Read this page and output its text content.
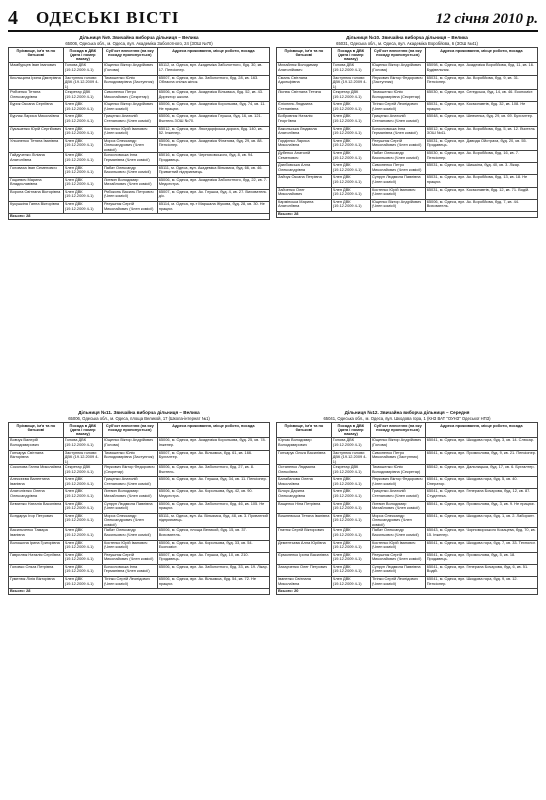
4 ОДЕСЬКІ ВІСТІ	12 січня 2010 р.
Дільниця №9. Звичайна виборча дільниця – Велика
65006, Одеська обл., м. Одеса, вул. Академіка Заболотного, 24 (ЗОШ №70)
Прізвище, ім'я та по батькові	Посада в ДВК (дата і номер наказу)	Суб'єкт внесення (на яку посаду пропонується)	Адреса проживання, місце роботи, посада
Мамбурцев Іван Іванович	Голова ДВК (19.12.2009 4-1)	Ющенко Віктор Андрійович (Голова)	65112, м. Одеса, вул. Академіка Заболотного, буд. 30, кв. 17. Пенсіонер.
Кислыцина Ірина Дмитрівна	Заступник голови ДВК (19.12.2009 4-1)	Тимошенко Юлія Володимирівна (Заступник)	65007, м. Одеса, вул. Ак. Заболотного, буд. 28, кв. 163. Обласна спілка жінок.
Рябченко Тетяна Олександрівна	Секретар ДВК (19.12.2009 4-1)	Симоненко Петро Миколайович (Секретар)	65006, м. Одеса, вул. Академіка Вільямса, буд. 52, кв. 43. Директор школи.
Бурик Оксана Сергіївна	Член ДВК (19.12.2009 4-1)	Ющенко Віктор Андрійович (Член комісії)	65006, м. Одеса, вул. Академіка Корольова, буд. 74, кв. 11. Не працює.
Бурлак Лариса Миколаївна	Член ДВК (19.12.2009 4-1)	Гриценко Анатолій Степанович (Член комісії)	65006, м. Одеса, вул. Академіка Глушка, буд. 16, кв. 121. Вчитель ЗОШ №70.
Лукашенко Юрій Сергійович	Член ДВК (19.12.2009 4-1)	Костенко Юрій Іванович (Член комісії)	65012, м. Одеса, вул. Люстдорфська дорога, буд. 140, кв. 52. Інженер.
Ульяненко Тетяна Іванівна	Член ДВК (19.12.2009 4-1)	Мороз Олександр Олександрович (Член комісії)	65006, м. Одеса, вул. Академіка Філатова, буд. 29, кв. 88. Пенсіонер.
Гайдученко Ліліана Анатоліївна	Член ДВК (19.12.2009 4-1)	Богословська Інна Германівна (Член комісії)	65016, м. Одеса, вул. Черняховського, буд. 8, кв. 94. Продавець.
Головаха Іван Семенович	Член ДВК (19.12.2009 4-1)	Пабат Олександр Васильович (Член комісії)	65111, м. Одеса, вул. Академіка Вільямса, буд. 66, кв. 46. Приватний підприємець.
Гоцкевич Марина Владиславівна	Член ДВК (19.12.2009 4-1)	Литвин Володимир Михайлович (Член комісії)	65006, м. Одеса, вул. Академіка Заболотного, буд. 22, кв. 7. Медсестра.
Ворона Світлана Вікторівна	Член ДВК (19.12.2009 4-1)	Рябоконь Василь Петрович (Член комісії)	65007, м. Одеса, вул. Ак. Глушка, буд. 4, кв. 27. Вихователь д/с.
Кукушкіна Ганна Вікторівна	Член ДВК (19.12.2009 4-1)	Ратушняк Сергій Миколайович (Член комісії)	65114, м. Одеса, пр-т Маршала Жукова, буд. 28, кв. 30. Не працює.
Всього: 28			
Дільниця №10. Звичайна виборча дільниця – Велика
65031, Одеська обл., м. Одеса, вул. Академіка Воробйова, 6 (ЗОШ №41)
Прізвище, ім'я та по батькові	Посада в ДВК (дата і номер наказу)	Суб'єкт внесення (на яку посаду пропонується)	Адреса проживання, місце роботи, посада
Михайлюк Володимир Анатолійович	Голова ДВК (19.12.2009 4-1)	Ющенко Віктор Андрійович (Голова)	65098, м. Одеса, вул. Академіка Воробйова, буд. 11, кв. 16. Будівельник.
Смаль Світлана Адольфівна	Заступник голови ДВК (19.12.2009 4-1)	Янукович Віктор Федорович (Заступник)	65031, м. Одеса, вул. Ак. Воробйова, буд. 9, кв. 31. Пенсіонер.
Ліснюк Світлана Тетяна	Секретар ДВК (19.12.2009 4-1)	Тимошенко Юлія Володимирівна (Секретар)	65030, м. Одеса, вул. Сегедська, буд. 14, кв. 46. Економіст.
Єліонєнь Людмила Степанівна	Член ДВК (19.12.2009 4-1)	Тігіпко Сергій Леонідович (Член комісії)	65031, м. Одеса, вул. Космонавтів, буд. 32, кв. 108. Не працює.
Бобровник Наталія Георгіївна	Член ДВК (19.12.2009 4-1)	Гриценко Анатолій Степанович (Член комісії)	65048, м. Одеса, вул. Шевченка, буд. 29, кв. 69. Бухгалтер.
Вакольська Людмила Анатоліївна	Член ДВК (19.12.2009 4-1)	Богословська Інна Германівна (Член комісії)	65012, м. Одеса, вул. Ак. Воробйова, буд. 5, кв. 12. Вчитель ЗОШ №41.
Гордієнко Лариса Миколаївна	Член ДВК (19.12.2009 4-1)	Ратушняк Сергій Миколайович (Член комісії)	65031, м. Одеса, вул. Давида Ойстраха, буд. 20, кв. 55. Продавець.
Дубенко Анатолій Семенович	Член ДВК (19.12.2009 4-1)	Пабат Олександр Васильович (Член комісії)	65030, м. Одеса, вул. Ак. Воробйова, буд. 16, кв. 7. Пенсіонер.
Дзюбовська Алла Олександрівна	Член ДВК (19.12.2009 4-1)	Симоненко Петро Миколайович (Член комісії)	65031, м. Одеса, вул. Шишкіна, буд. 40, кв. 3. Лікар.
Зайчук Оксана Петрівна	Член ДВК (19.12.2009 4-1)	Супрун Людмила Павлівна (Член комісії)	65031, м. Одеса, вул. Ак. Воробйова, буд. 13, кв. 18. Не працює.
Зайченко Олег Миколайович	Член ДВК (19.12.2009 4-1)	Костенко Юрій Іванович (Член комісії)	65031, м. Одеса, вул. Космонавтів, буд. 12, кв. 71. Водій.
Кармінська Марина Анатоліївна	Член ДВК (19.12.2009 4-1)	Ющенко Віктор Андрійович (Член комісії)	65006, м. Одеса, вул. Ак. Воробйова, буд. 7, кв. 44. Вихователь.
Всього: 28			
Дільниця №11. Звичайна виборча дільниця – Велика
65006, Одеська обл., м. Одеса, площа Великой, 17 (Школа-інтернат №1)
Прізвище, ім'я та по батькові	Посада в ДВК (дата і номер наказу)	Суб'єкт внесення (на яку посаду пропонується)	Адреса проживання, місце роботи, посада
Вовчук Валерій Володимирович	Голова ДВК (19.12.2009 4-1)	Ющенко Віктор Андрійович (Голова)	65006, м. Одеса, вул. Академіка Корольова, буд. 25, кв. 78. Інженер.
Гончарук Світлана Вікторівна	Заступник голови ДВК (19.12.2009 4-1)	Тимошенко Юлія Володимирівна (Заступник)	65007, м. Одеса, вул. Ак. Вільямса, буд. 61, кв. 166. Бухгалтер.
Соколова Ганна Миколаївна	Секретар ДВК (19.12.2009 4-1)	Янукович Віктор Федорович (Секретар)	65006, м. Одеса, вул. Ак. Заболотного, буд. 27, кв. 8. Вчитель.
Алексєєва Валентина Іванівна	Член ДВК (19.12.2009 4-1)	Гриценко Анатолій Степанович (Член комісії)	65006, м. Одеса, вул. Ак. Глушка, буд. 34, кв. 11. Пенсіонер.
Анатолієнко Олена Олександрівна	Член ДВК (19.12.2009 4-1)	Литвин Володимир Михайлович (Член комісії)	65006, м. Одеса, вул. Ак. Корольова, буд. 42, кв. 90. Медсестра.
Бевзенко Наталія Василівна	Член ДВК (19.12.2009 4-1)	Супрун Людмила Павлівна (Член комісії)	65006, м. Одеса, вул. Ак. Заболотного, буд. 46, кв. 105. Не працює.
Бондарук Ігор Петрович	Член ДВК (19.12.2009 4-1)	Мороз Олександр Олександрович (Член комісії)	65111, м. Одеса, вул. Ак. Вільямса, буд. 48, кв. 3. Приватний підприємець.
Васильченко Тамара Іванівна	Член ДВК (19.12.2009 4-1)	Пабат Олександр Васильович (Член комісії)	65006, м. Одеса, площа Великой, буд. 15, кв. 37. Вихователь.
Волошина Ірина Григорівна	Член ДВК (19.12.2009 4-1)	Костенко Юрій Іванович (Член комісії)	65006, м. Одеса, вул. Ак. Корольова, буд. 33, кв. 54. Економіст.
Гаврилюк Наталія Сергіївна	Член ДВК (19.12.2009 4-1)	Ратушняк Сергій Миколайович (Член комісії)	65007, м. Одеса, вул. Ак. Глушка, буд. 10, кв. 210. Продавець.
Головко Ольга Петрівна	Член ДВК (19.12.2009 4-1)	Богословська Інна Германівна (Член комісії)	65006, м. Одеса, вул. Ак. Заболотного, буд. 33, кв. 19. Лікар.
Гуменюк Лілія Вікторівна	Член ДВК (19.12.2009 4-1)	Тігіпко Сергій Леонідович (Член комісії)	65006, м. Одеса, вул. Ак. Вільямса, буд. 54, кв. 72. Не працює.
Всього: 28			
Дільниця №12. Звичайна виборча дільниця – Середня
65041, Одеська обл., м. Одеса, вул. Шкодова гора, 1 (КНЗ ВАТ "ОУНЗ" Одеської НПЗ)
Прізвище, ім'я та по батькові	Посада в ДВК (дата і номер наказу)	Суб'єкт внесення (на яку посаду пропонується)	Адреса проживання, місце роботи, посада
Юрчак Володимир Володимирович	Голова ДВК (19.12.2009 4-1)	Ющенко Віктор Андрійович (Голова)	65041, м. Одеса, вул. Шкодова гора, буд. 3, кв. 14. Слюсар.
Гончарук Ольга Василівна	Заступник голови ДВК (19.12.2009 4-1)	Симоненко Петро Миколайович (Заступник)	65041, м. Одеса, вул. Промислова, буд. 9, кв. 21. Пенсіонер.
Остапенко Людмила Олексіївна	Секретар ДВК (19.12.2009 4-1)	Тимошенко Юлія Володимирівна (Секретар)	65042, м. Одеса, вул. Дальницька, буд. 17, кв. 6. Бухгалтер.
Балабанова Олена Миколаївна	Член ДВК (19.12.2009 4-1)	Янукович Віктор Федорович (Член комісії)	65041, м. Одеса, вул. Шкодова гора, буд. 5, кв. 40. Оператор.
Білоус Дарина Олександрівна	Член ДВК (19.12.2009 4-1)	Гриценко Анатолій Степанович (Член комісії)	65041, м. Одеса, вул. Генерала Бочарова, буд. 12, кв. 87. Студентка.
Ващенко Ніна Петрівна	Член ДВК (19.12.2009 4-1)	Литвин Володимир Михайлович (Член комісії)	65041, м. Одеса, вул. Промислова, буд. 3, кв. 9. Не працює.
Вишневська Тетяна Іванівна	Член ДВК (19.12.2009 4-1)	Мороз Олександр Олександрович (Член комісії)	65041, м. Одеса, вул. Шкодова гора, буд. 1, кв. 2. Лаборант.
Гнатюк Сергій Вікторович	Член ДВК (19.12.2009 4-1)	Пабат Олександр Васильович (Член комісії)	65043, м. Одеса, вул. Чорноморського Козацтва, буд. 70, кв. 15. Інженер.
Дементьєва Алла Юріївна	Член ДВК (19.12.2009 4-1)	Костенко Юрій Іванович (Член комісії)	65041, м. Одеса, вул. Шкодова гора, буд. 7, кв. 33. Технолог.
Єрмоленко Ірина Василівна	Член ДВК (19.12.2009 4-1)	Ратушняк Сергій Миколайович (Член комісії)	65041, м. Одеса, вул. Промислова, буд. 5, кв. 18. Продавець.
Захарченко Олег Петрович	Член ДВК (19.12.2009 4-1)	Супрун Людмила Павлівна (Член комісії)	65041, м. Одеса, вул. Генерала Бочарова, буд. 6, кв. 51. Водій.
Іваненко Світлана Миколаївна	Член ДВК (19.12.2009 4-1)	Тігіпко Сергій Леонідович (Член комісії)	65041, м. Одеса, вул. Шкодова гора, буд. 9, кв. 12. Пенсіонер.
Всього: 20			
